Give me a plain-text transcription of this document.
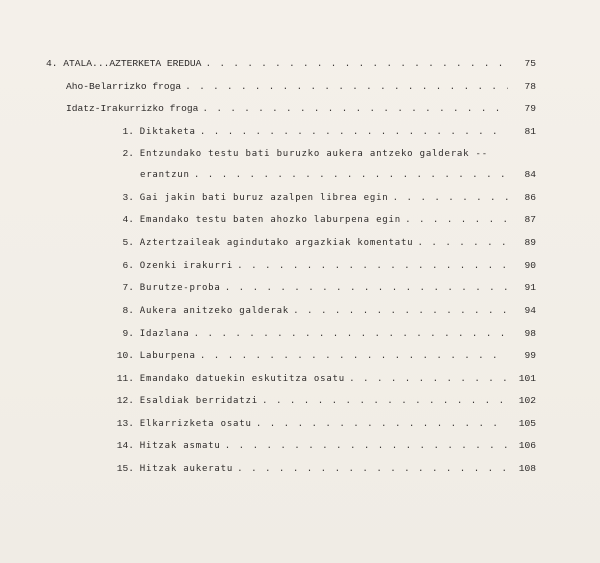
4. ATALA...AZTERKETA EREDUA . . .	75
Aho-Belarrizko froga . . .	78
Idatz-Irakurrizko froga . . .	79
1.
Diktaketa . . .	81
2.
Entzundako testu bati buruzko aukera antzeko galderak --
erantzun . . .	84
3.
Gai jakin bati buruz azalpen librea egin . . .	86
4.
Emandako testu baten ahozko laburpena egin . . .	87
5.
Aztertzaileak agindutako argazkiak komentatu . . .	89
6.
Ozenki irakurri . . .	90
7.
Burutze-proba . . .	91
8.
Aukera anitzeko galderak . . .	94
9.
Idazlana . . .	98
10.
Laburpena . . .	99
11.
Emandako datuekin eskutitza osatu . . .	101
12.
Esaldiak berridatzi . . .	102
13.
Elkarrizketa osatu . . .	105
14.
Hitzak asmatu . . .	106
15.
Hitzak aukeratu . . .	108
